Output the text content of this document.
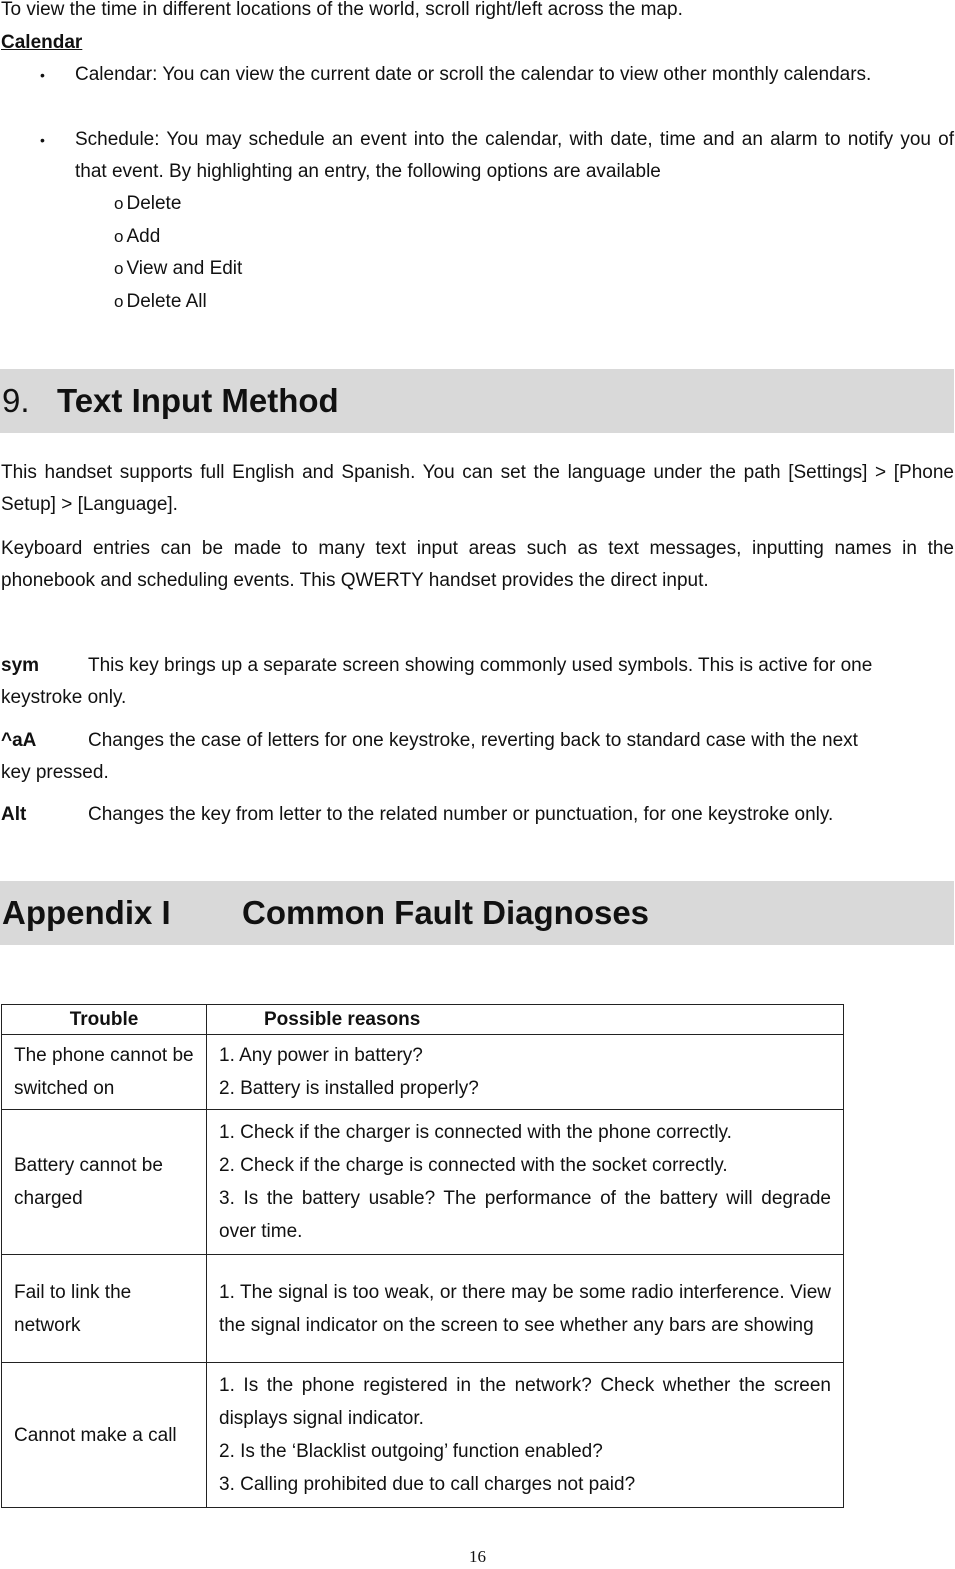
To view the time in different locations of the world, scroll right/left across the map.

Calendar
• Calendar: You can view the current date or scroll the calendar to view other monthly calendars.
• Schedule: You may schedule an event into the calendar, with date, time and an alarm to notify you of that event. By highlighting an entry, the following options are available
o Delete
o Add
o View and Edit
o Delete All
9. Text Input Method

This handset supports full English and Spanish. You can set the language under the path [Settings] > [Phone Setup] > [Language].

Keyboard entries can be made to many text input areas such as text messages, inputting names in the phonebook and scheduling events. This QWERTY handset provides the direct input.

sym	This key brings up a separate screen showing commonly used symbols. This is active for one
keystroke only.
^aA	Changes the case of letters for one keystroke, reverting back to standard case with the next
key pressed.
Alt	Changes the key from letter to the related number or punctuation, for one keystroke only.
Appendix I Common Fault Diagnoses
Trouble	Possible reasons
The phone cannot be switched on	1. Any power in battery?
2. Battery is installed properly?

Battery cannot be charged	1. Check if the charger is connected with the phone correctly.
2. Check if the charge is connected with the socket correctly.
3. Is the battery usable? The performance of the battery will degrade over time.

Fail to link the network	1. The signal is too weak, or there may be some radio interference. View the signal indicator on the screen to see whether any bars are showing

Cannot make a call	1. Is the phone registered in the network? Check whether the screen displays signal indicator.
2. Is the ‘Blacklist outgoing’ function enabled?
3. Calling prohibited due to call charges not paid?
16
